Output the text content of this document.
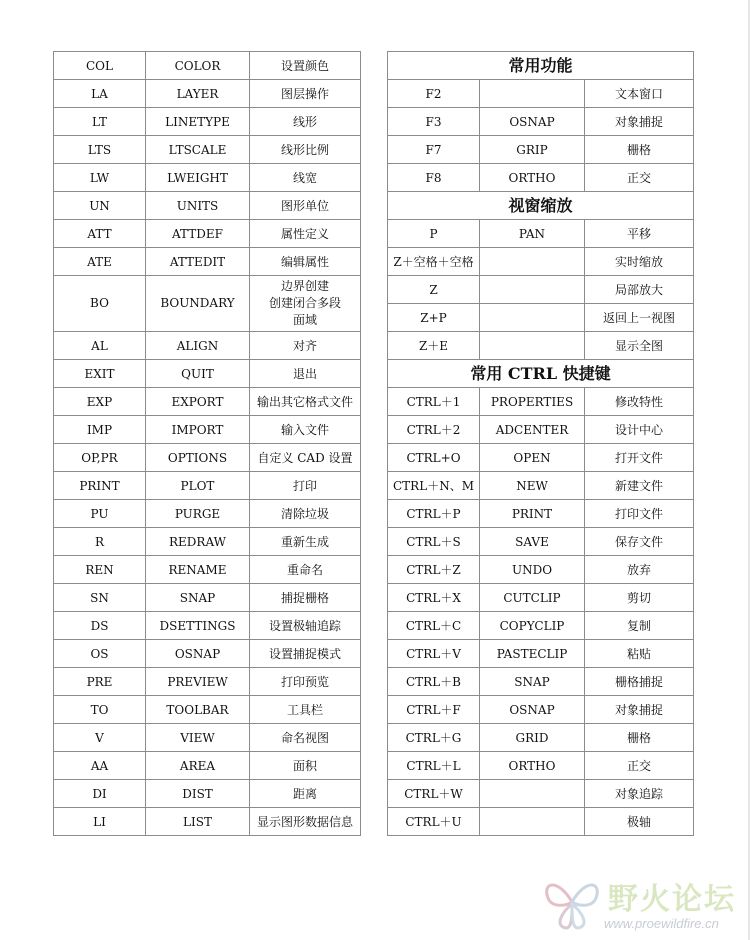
COL	COLOR	设置颜色
LA	LAYER	图层操作
LT	LINETYPE	线形
LTS	LTSCALE	线形比例
LW	LWEIGHT	线宽
UN	UNITS	图形单位
ATT	ATTDEF	属性定义
ATE	ATTEDIT	编辑属性
BO	BOUNDARY	边界创建
创建闭合多段
面域
AL	ALIGN	对齐
EXIT	QUIT	退出
EXP	EXPORT	输出其它格式文件
IMP	IMPORT	输入文件
OP,PR	OPTIONS	自定义 CAD 设置
PRINT	PLOT	打印
PU	PURGE	清除垃圾
R	REDRAW	重新生成
REN	RENAME	重命名
SN	SNAP	捕捉栅格
DS	DSETTINGS	设置极轴追踪
OS	OSNAP	设置捕捉模式
PRE	PREVIEW	打印预览
TO	TOOLBAR	工具栏
V	VIEW	命名视图
AA	AREA	面积
DI	DIST	距离
LI	LIST	显示图形数据信息
常用功能		
F2		文本窗口
F3	OSNAP	对象捕捉
F7	GRIP	栅格
F8	ORTHO	正交
视窗缩放		
P	PAN	平移
Z＋空格＋空格		实时缩放
Z		局部放大
Z+P		返回上一视图
Z＋E		显示全图
常用 CTRL 快捷键		
CTRL＋1	PROPERTIES	修改特性
CTRL＋2	ADCENTER	设计中心
CTRL+O	OPEN	打开文件
CTRL＋N、M	NEW	新建文件
CTRL＋P	PRINT	打印文件
CTRL＋S	SAVE	保存文件
CTRL＋Z	UNDO	放弃
CTRL＋X	CUTCLIP	剪切
CTRL＋C	COPYCLIP	复制
CTRL＋V	PASTECLIP	粘贴
CTRL＋B	SNAP	栅格捕捉
CTRL＋F	OSNAP	对象捕捉
CTRL＋G	GRID	栅格
CTRL＋L	ORTHO	正交
CTRL＋W		对象追踪
CTRL＋U		极轴
野火论坛
www.proewildfire.cn
